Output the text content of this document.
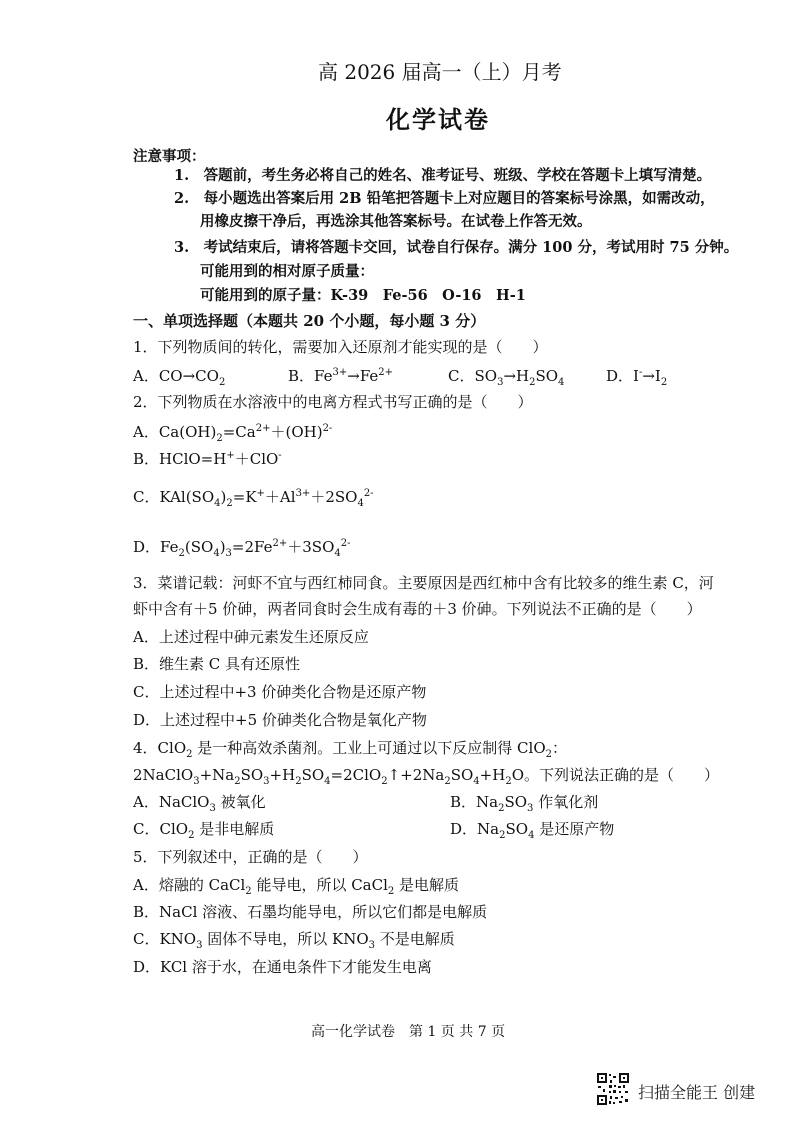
高 2026 届高一（上）月考
化学试卷
注意事项：
1.　答题前，考生务必将自己的姓名、准考证号、班级、学校在答题卡上填写清楚。
2.　每小题选出答案后用 2B 铅笔把答题卡上对应题目的答案标号涂黑，如需改动，
用橡皮擦干净后，再选涂其他答案标号。在试卷上作答无效。
3.　考试结束后，请将答题卡交回，试卷自行保存。满分 100 分，考试用时 75 分钟。
可能用到的相对原子质量：
可能用到的原子量：K-39　Fe-56　O-16　H-1
一、单项选择题（本题共 20 个小题，每小题 3 分）
1．下列物质间的转化，需要加入还原剂才能实现的是（　　）
A．$CO\to CO_2$	B．$Fe^{3+}\to Fe^{2+}$	C．$SO_3\to H_2SO_4$	D．$I^-\to I_2$
2．下列物质在水溶液中的电离方程式书写正确的是（　　）
A．$Ca(OH)_2=Ca^{2+}+(OH)^{2-}$
B．HClO=H+＋ClO-
C．$KAl(SO_4)_2=K^++Al^{3+}+2SO_4^{2-}$
D．$Fe_2(SO_4)_3=2Fe^{2+}+3SO_4^{2-}$
3．菜谱记载：河虾不宜与西红柿同食。主要原因是西红柿中含有比较多的维生素 C，河
虾中含有＋5 价砷，两者同食时会生成有毒的＋3 价砷。下列说法不正确的是（　　）
A．上述过程中砷元素发生还原反应
B．维生素 C 具有还原性
C．上述过程中+3 价砷类化合物是还原产物
D．上述过程中+5 价砷类化合物是氧化产物
4．ClO$_2$ 是一种高效杀菌剂。工业上可通过以下反应制得 ClO$_2$：
$2NaClO_3+Na_2SO_3+H_2SO_4=2ClO_2↑+2Na_2SO_4+H_2O$。下列说法正确的是（　　）
A．NaClO$_3$ 被氧化	B．$Na_2SO_3$ 作氧化剂
C．ClO$_2$ 是非电解质	D．$Na_2SO_4$ 是还原产物
5．下列叙述中，正确的是（　　）
A．熔融的 CaCl$_2$ 能导电，所以 CaCl$_2$ 是电解质
B．NaCl 溶液、石墨均能导电，所以它们都是电解质
C．$KNO_3$ 固体不导电，所以 $KNO_3$ 不是电解质
D．KCl 溶于水，在通电条件下才能发生电离
高一化学试卷　第 1 页 共 7 页
扫描全能王 创建
